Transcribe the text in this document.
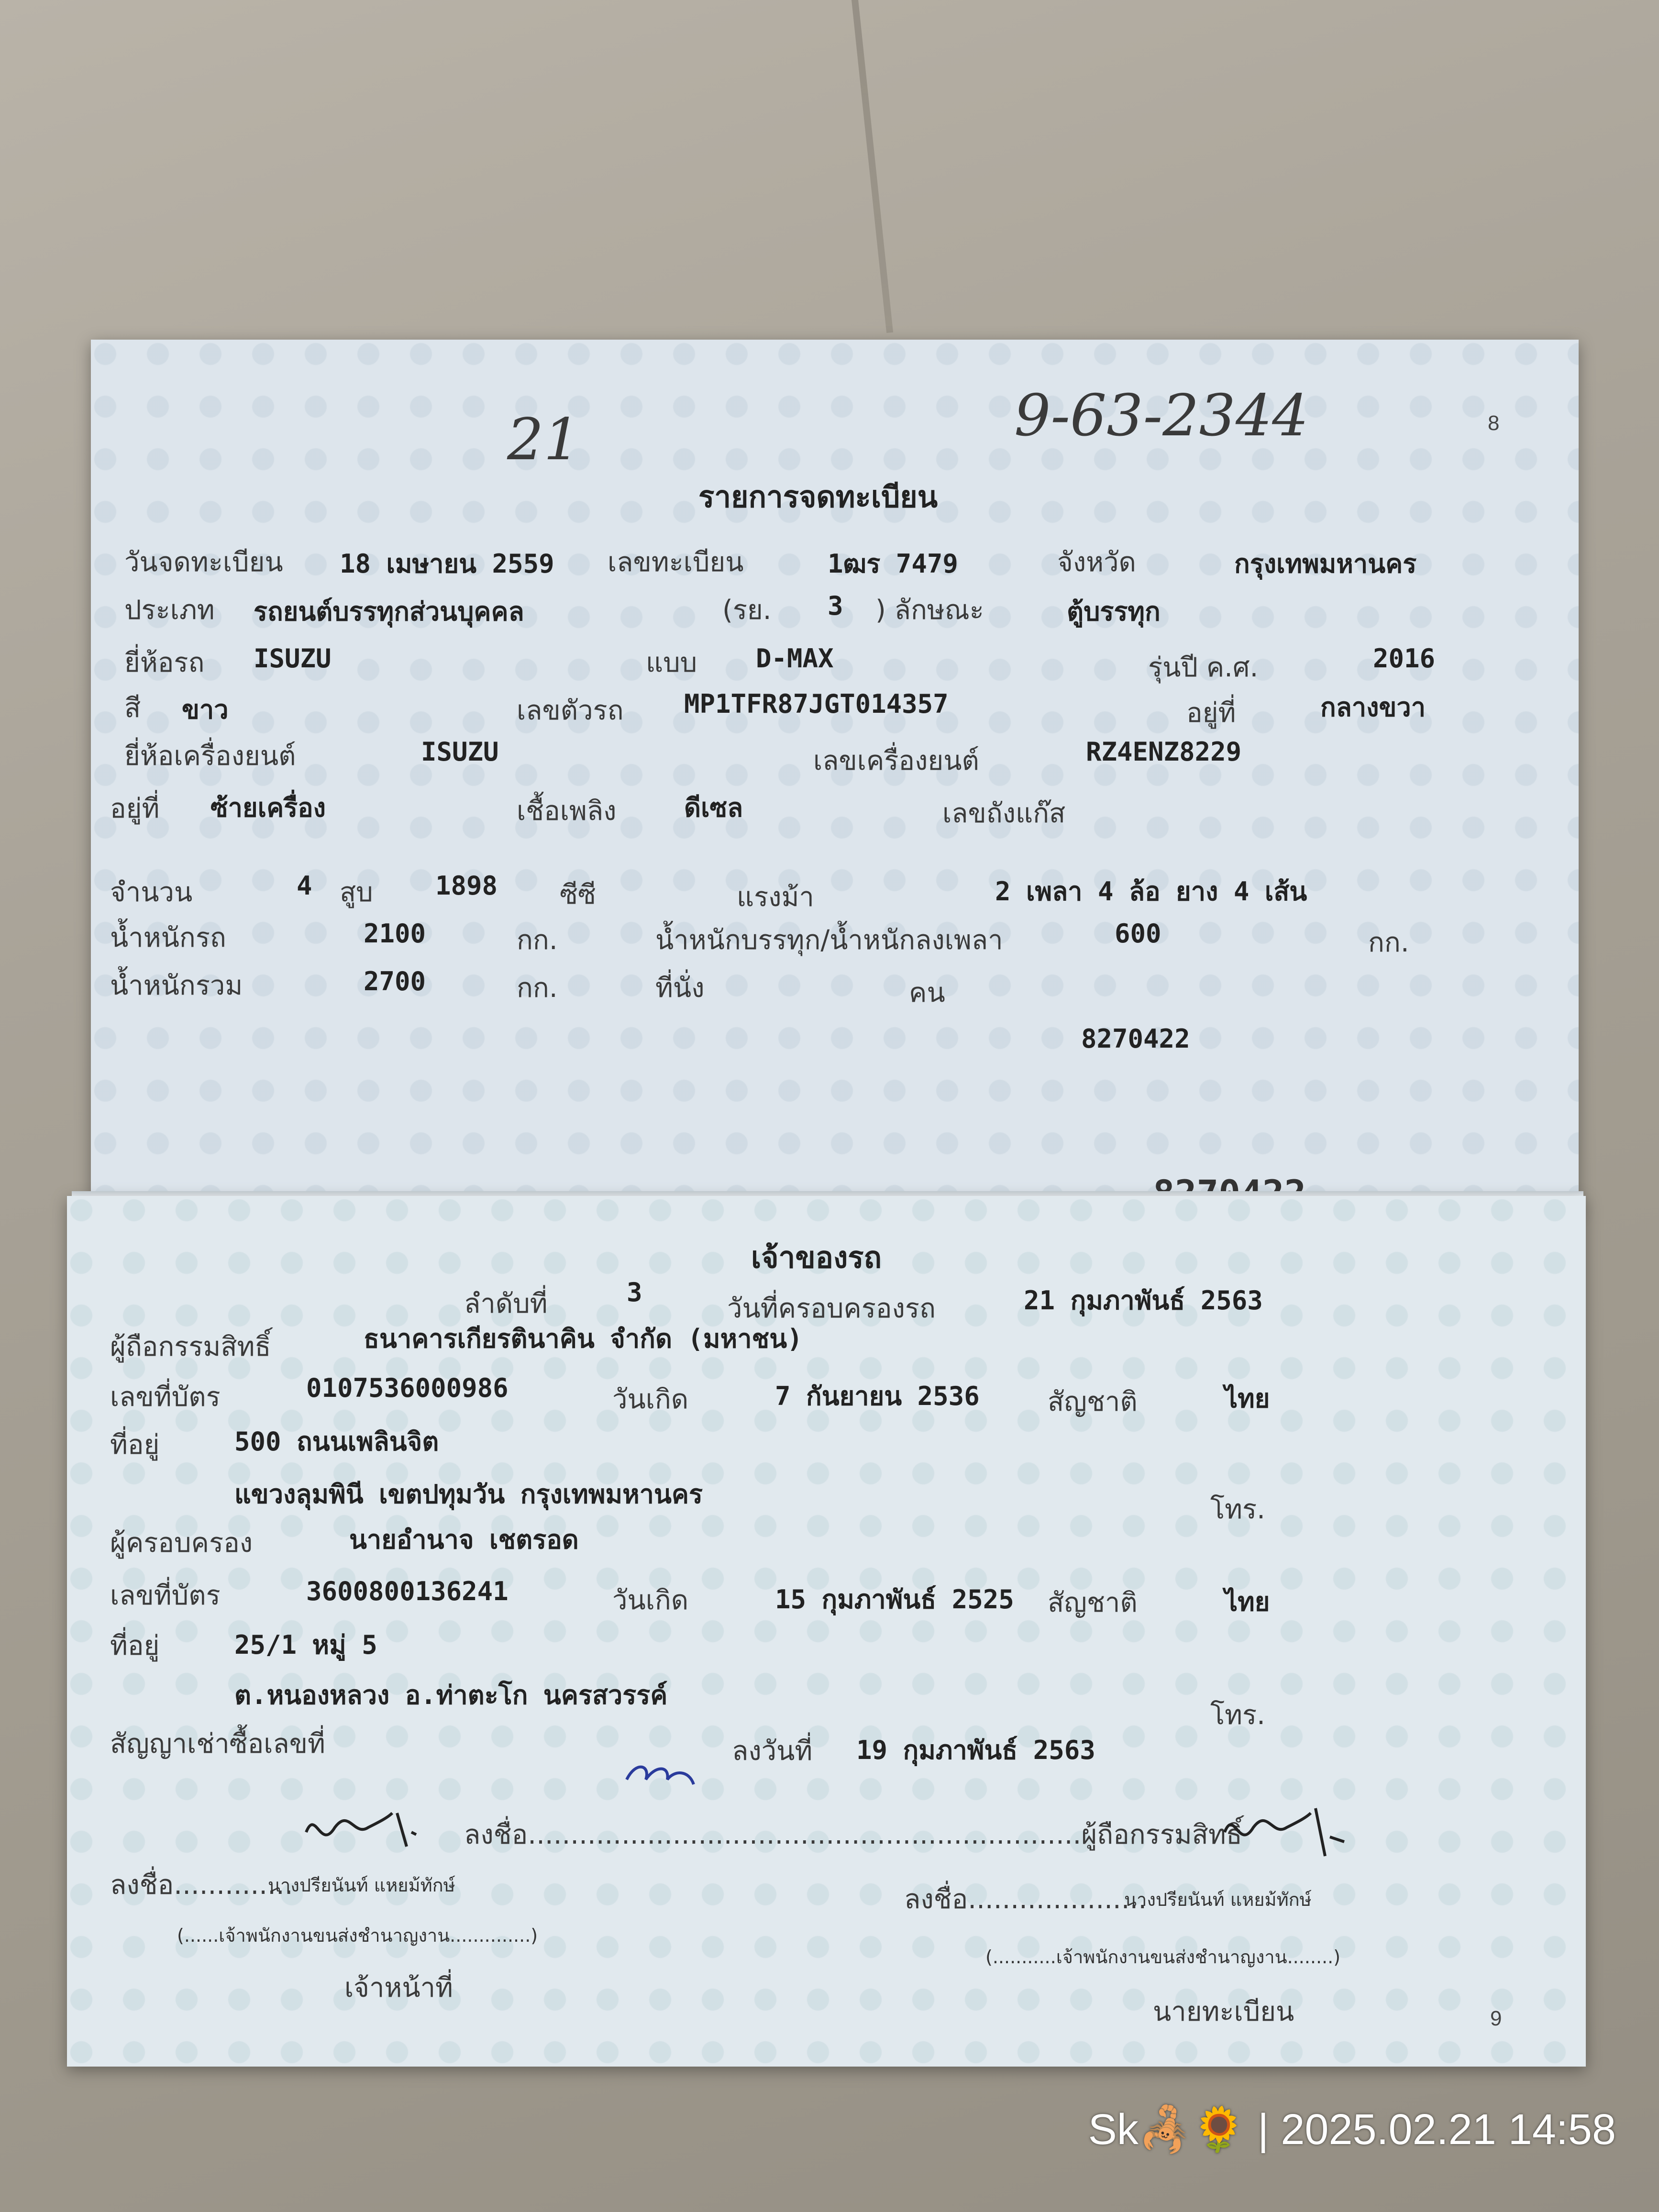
21	9-63-2344	8
รายการจดทะเบียน
วันจดทะเบียน 18 เมษายน 2559 เลขทะเบียน	1ฒร 7479	จังหวัด	กรุงเทพมหานคร
ประเภท รถยนต์บรรทุกส่วนบุคคล	(รย. 3 ) ลักษณะ	ตู้บรรทุก
ยี่ห้อรถ ISUZU	แบบ D-MAX	รุ่นปี ค.ศ.	2016
สี ขาว	เลขตัวรถ MP1TFR87JGT014357	อยู่ที่	กลางขวา
ยี่ห้อเครื่องยนต์	ISUZU	เลขเครื่องยนต์	RZ4ENZ8229
อยู่ที่ ซ้ายเครื่อง	เชื้อเพลิง	ดีเซล	เลขถังแก๊ส
จำนวน	4 สูบ 1898 ซีซี	แรงม้า	2 เพลา 4 ล้อ ยาง 4 เส้น
น้ำหนักรถ	2100	กก.	น้ำหนักบรรทุก/น้ำหนักลงเพลา	600	กก.
น้ำหนักรวม	2700	กก.	ที่นั่ง	คน
8270422
เจ้าของรถ
ลำดับที่	3
วันที่ครอบครองรถ	21 กุมภาพันธ์ 2563
ผู้ถือกรรมสิทธิ์	ธนาคารเกียรตินาคิน จำกัด (มหาชน)
เลขที่บัตร	0107536000986	วันเกิด	7 กันยายน 2536	สัญชาติ	ไทย
ที่อยู่	500 ถนนเพลินจิต
แขวงลุมพินี เขตปทุมวัน กรุงเทพมหานคร	โทร.
ผู้ครอบครอง	นายอำนาจ เชตรอด
เลขที่บัตร	3600800136241	วันเกิด	15 กุมภาพันธ์ 2525 สัญชาติ	ไทย
ที่อยู่	25/1 หมู่ 5
ต.หนองหลวง อ.ท่าตะโก นครสวรรค์
โทร.
สัญญาเช่าซื้อเลขที่	ลงวันที่ 19 กุมภาพันธ์ 2563
ลงชื่อ.................................................................ผู้ถือกรรมสิทธิ์
ลงชื่อ..............
นางปรียนันท์ แหยม้ทักษ์	ลงชื่อ.....................
นางปรียนันท์ แหยม้ทักษ์
(......เจ้าพนักงานขนส่งชำนาญงาน..............)
(...........เจ้าพนักงานขนส่งชำนาญงาน........)
เจ้าหน้าที่
นายทะเบียน	9
Sk🦂🌻 | 2025.02.21 14:58
